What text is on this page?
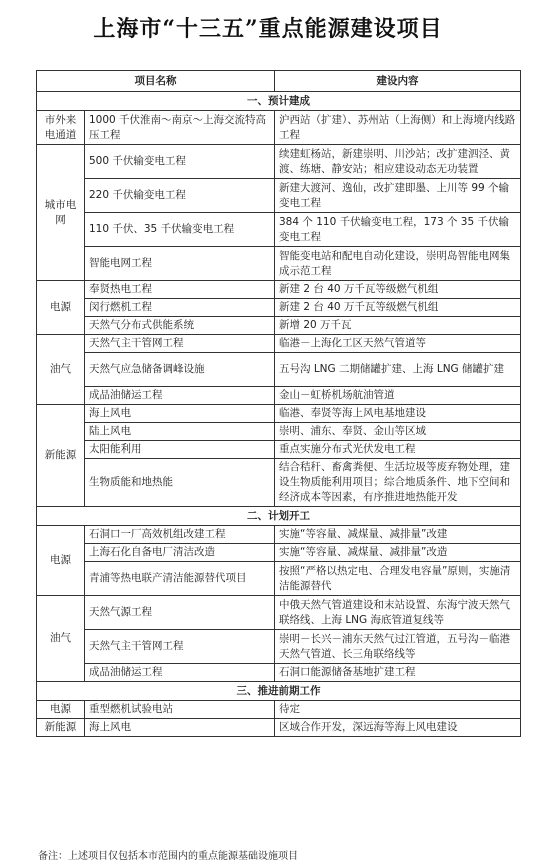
上海市“十三五”重点能源建设项目
项目名称		建设内容
一、预计建成		
市外来电通道	1000 千伏淮南～南京～上海交流特高压工程	沪西站（扩建）、苏州站（上海侧）和上海境内线路工程
城市电网	500 千伏输变电工程	续建虹杨站，新建崇明、川沙站；改扩建泗泾、黄渡、练塘、静安站；相应建设动态无功装置
	220 千伏输变电工程	新建大渡河、逸仙，改扩建即墨、上川等 99 个输变电工程
	110 千伏、35 千伏输变电工程	384 个 110 千伏输变电工程，173 个 35 千伏输变电工程
	智能电网工程	智能变电站和配电自动化建设，崇明岛智能电网集成示范工程
电源	奉贤热电工程	新建 2 台 40 万千瓦等级燃气机组
	闵行燃机工程	新建 2 台 40 万千瓦等级燃气机组
	天然气分布式供能系统	新增 20 万千瓦
油气	天然气主干管网工程	临港－上海化工区天然气管道等
	天然气应急储备调峰设施	五号沟 LNG 二期储罐扩建、上海 LNG 储罐扩建
	成品油储运工程	金山－虹桥机场航油管道
新能源	海上风电	临港、奉贤等海上风电基地建设
	陆上风电	崇明、浦东、奉贤、金山等区域
	太阳能利用	重点实施分布式光伏发电工程
	生物质能和地热能	结合秸秆、畜禽粪便、生活垃圾等废弃物处理，建设生物质能利用项目；综合地质条件、地下空间和经济成本等因素，有序推进地热能开发
二、计划开工		
电源	石洞口一厂高效机组改建工程	实施“等容量、减煤量、减排量”改建
	上海石化自备电厂清洁改造	实施“等容量、减煤量、减排量”改造
	青浦等热电联产清洁能源替代项目	按照“严格以热定电、合理发电容量”原则，实施清洁能源替代
油气	天然气源工程	中俄天然气管道建设和末站设置、东海宁波天然气联络线、上海 LNG 海底管道复线等
	天然气主干管网工程	崇明－长兴－浦东天然气过江管道，五号沟－临港天然气管道、长三角联络线等
	成品油储运工程	石洞口能源储备基地扩建工程
三、推进前期工作		
电源	重型燃机试验电站	待定
新能源	海上风电	区域合作开发，深远海等海上风电建设
备注：上述项目仅包括本市范围内的重点能源基础设施项目
